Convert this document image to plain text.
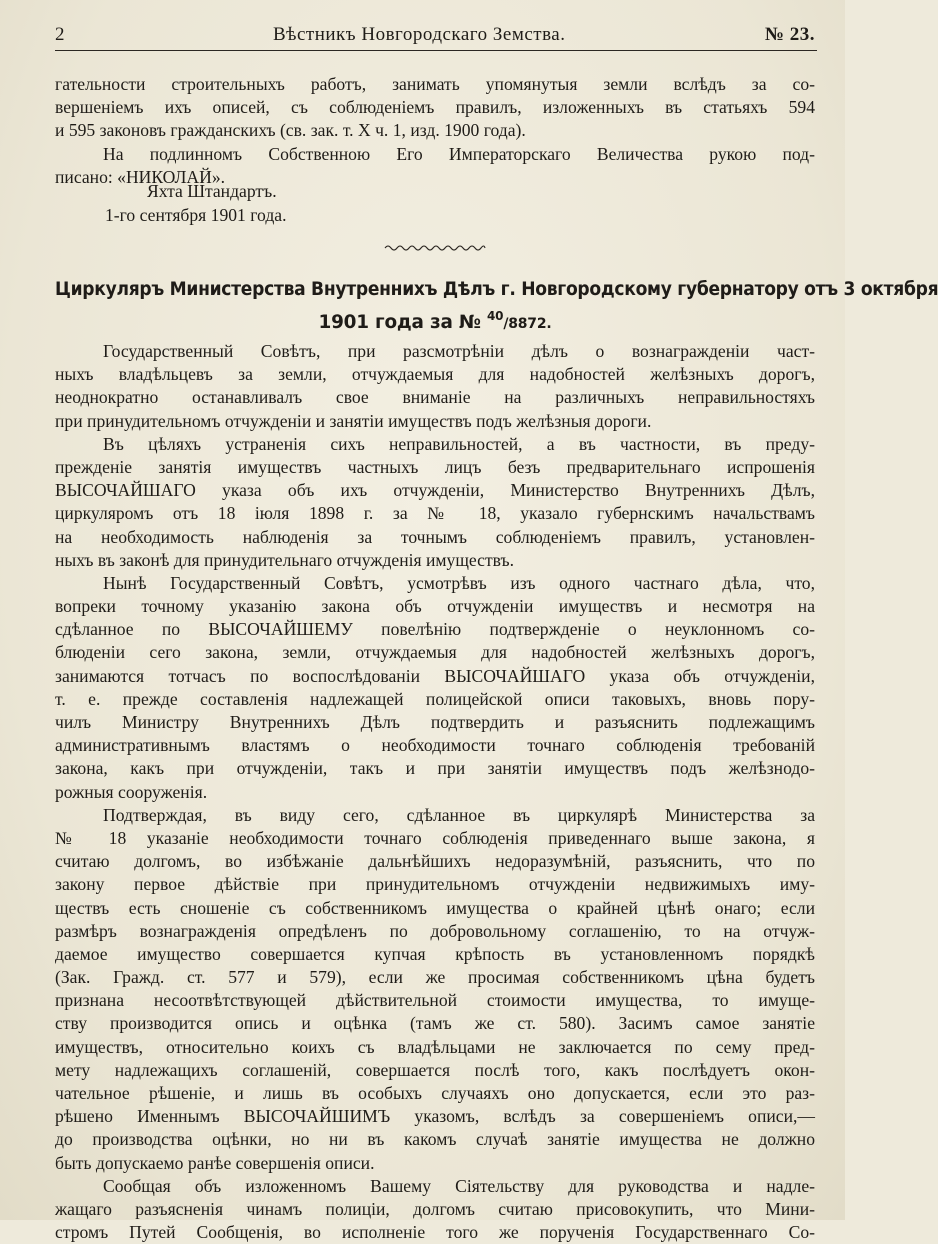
2	Вѣстникъ Новгородскаго Земства.	№ 23.
гательности строительныхъ работъ, занимать упомянутыя земли вслѣдъ за со-
вершеніемъ ихъ описей, съ соблюденіемъ правилъ, изложенныхъ въ статьяхъ 594
и 595 законовъ гражданскихъ (св. зак. т. X ч. 1, изд. 1900 года).
На подлинномъ Собственною Его Императорскаго Величества рукою под-
писано: «НИКОЛАЙ».
Яхта Штандартъ.
1-го сентября 1901 года.
Циркуляръ Министерства Внутреннихъ Дѣлъ г. Новгородскому губернатору отъ 3 октября
1901 года за № $^{40}$/8872.
Государственный Совѣтъ, при разсмотрѣніи дѣлъ о вознагражденіи част-
ныхъ владѣльцевъ за земли, отчуждаемыя для надобностей желѣзныхъ дорогъ,
неоднократно останавливалъ свое вниманіе на различныхъ неправильностяхъ
при принудительномъ отчужденіи и занятіи имуществъ подъ желѣзныя дороги.
Въ цѣляхъ устраненія сихъ неправильностей, а въ частности, въ преду-
прежденіе занятія имуществъ частныхъ лицъ безъ предварительнаго испрошенія
ВЫСОЧАЙШАГО указа объ ихъ отчужденіи, Министерство Внутреннихъ Дѣлъ,
циркуляромъ отъ 18 іюля 1898 г. за № 18, указало губернскимъ начальствамъ
на необходимость наблюденія за точнымъ соблюденіемъ правилъ, установлен-
ныхъ въ законѣ для принудительнаго отчужденія имуществъ.
Нынѣ Государственный Совѣтъ, усмотрѣвъ изъ одного частнаго дѣла, что,
вопреки точному указанію закона объ отчужденіи имуществъ и несмотря на
сдѣланное по ВЫСОЧАЙШЕМУ повелѣнію подтвержденіе о неуклонномъ со-
блюденіи сего закона, земли, отчуждаемыя для надобностей желѣзныхъ дорогъ,
занимаются тотчасъ по воспослѣдованіи ВЫСОЧАЙШАГО указа объ отчужденіи,
т. е. прежде составленія надлежащей полицейской описи таковыхъ, вновь пору-
чилъ Министру Внутреннихъ Дѣлъ подтвердить и разъяснить подлежащимъ
административнымъ властямъ о необходимости точнаго соблюденія требованій
закона, какъ при отчужденіи, такъ и при занятіи имуществъ подъ желѣзнодо-
рожныя сооруженія.
Подтверждая, въ виду сего, сдѣланное въ циркулярѣ Министерства за
№ 18 указаніе необходимости точнаго соблюденія приведеннаго выше закона, я
считаю долгомъ, во избѣжаніе дальнѣйшихъ недоразумѣній, разъяснить, что по
закону первое дѣйствіе при принудительномъ отчужденіи недвижимыхъ иму-
ществъ есть сношеніе съ собственникомъ имущества о крайней цѣнѣ онаго; если
размѣръ вознагражденія опредѣленъ по добровольному соглашенію, то на отчуж-
даемое имущество совершается купчая крѣпость въ установленномъ порядкѣ
(Зак. Гражд. ст. 577 и 579), если же просимая собственникомъ цѣна будетъ
признана несоотвѣтствующей дѣйствительной стоимости имущества, то имуще-
ству производится опись и оцѣнка (тамъ же ст. 580). Засимъ самое занятіе
имуществъ, относительно коихъ съ владѣльцами не заключается по сему пред-
мету надлежащихъ соглашеній, совершается послѣ того, какъ послѣдуетъ окон-
чательное рѣшеніе, и лишь въ особыхъ случаяхъ оно допускается, если это раз-
рѣшено Именнымъ ВЫСОЧАЙШИМЪ указомъ, вслѣдъ за совершеніемъ описи,—
до производства оцѣнки, но ни въ какомъ случаѣ занятіе имущества не должно
быть допускаемо ранѣе совершенія описи.
Сообщая объ изложенномъ Вашему Сіятельству для руководства и надле-
жащаго разъясненія чинамъ полиціи, долгомъ считаю присовокупить, что Мини-
стромъ Путей Сообщенія, во исполненіе того же порученія Государственнаго Со-
